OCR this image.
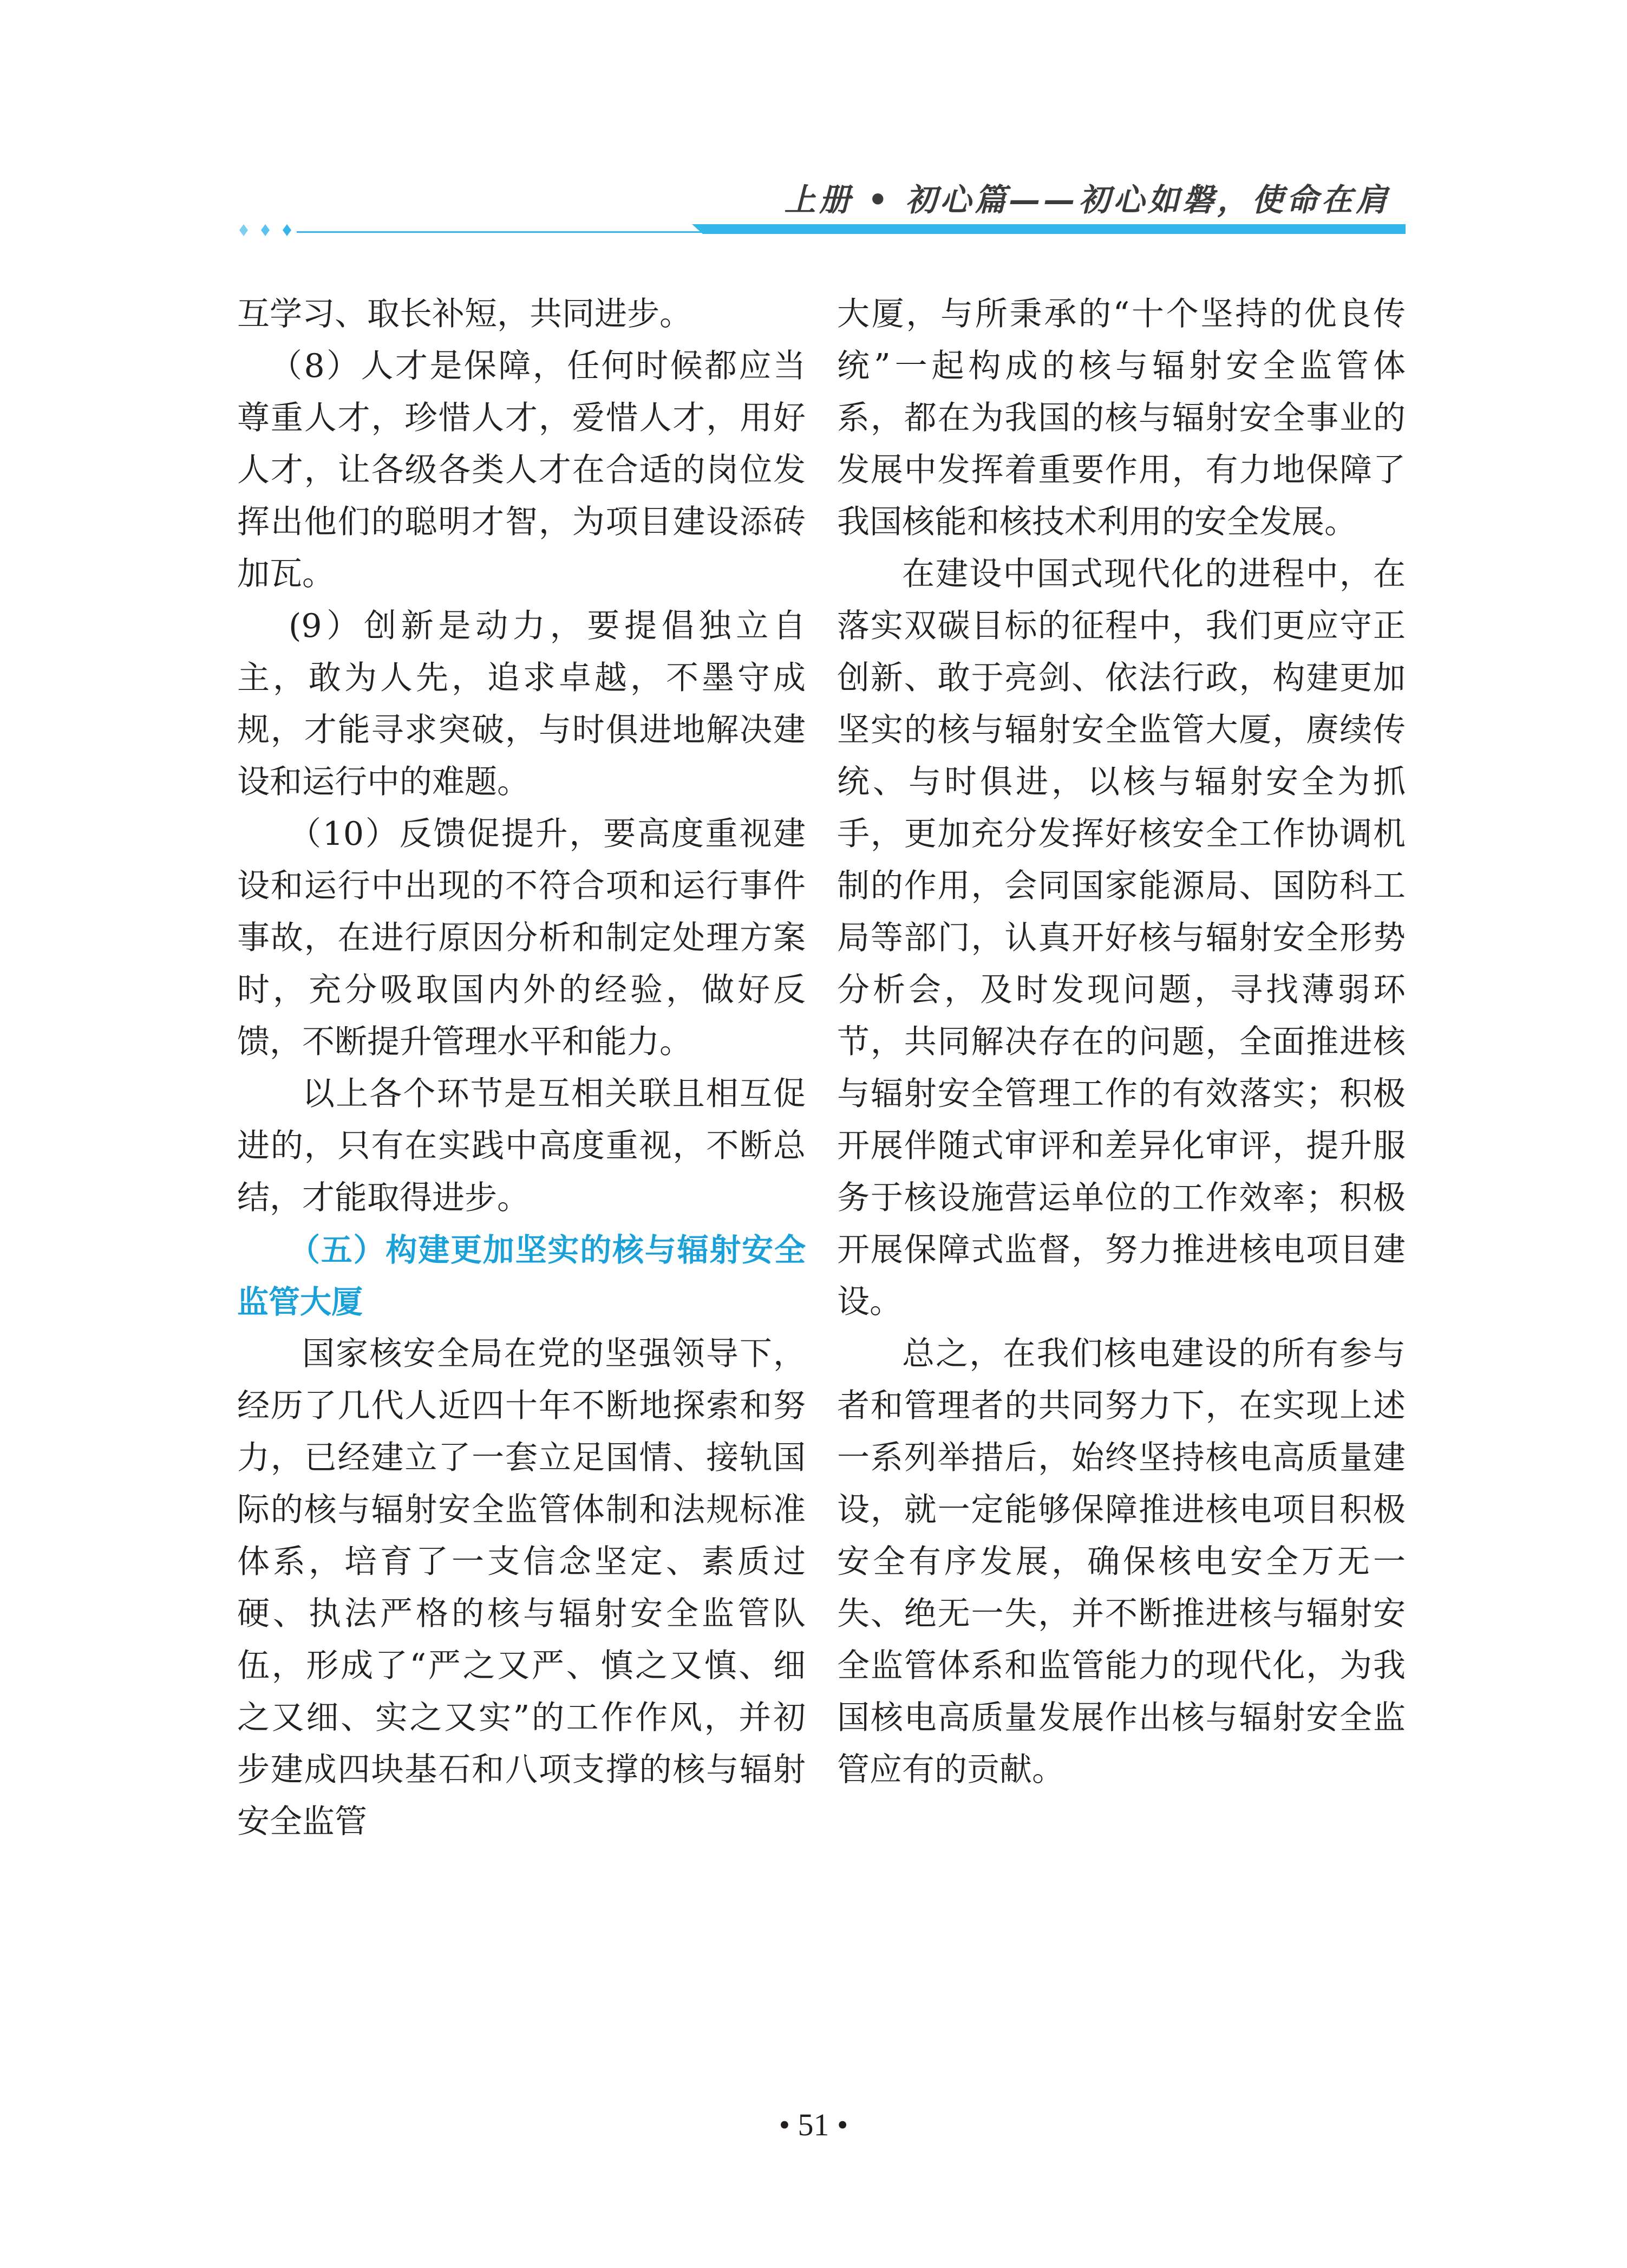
上册 • 初心篇——初心如磐，使命在肩

互学习、取长补短，共同进步。

（8）人才是保障，任何时候都应当尊重人才，珍惜人才，爱惜人才，用好人才，让各级各类人才在合适的岗位发挥出他们的聪明才智，为项目建设添砖加瓦。

(9）创新是动力，要提倡独立自主，敢为人先，追求卓越，不墨守成规，才能寻求突破，与时俱进地解决建设和运行中的难题。

（10）反馈促提升，要高度重视建设和运行中出现的不符合项和运行事件事故，在进行原因分析和制定处理方案时，充分吸取国内外的经验，做好反馈，不断提升管理水平和能力。

以上各个环节是互相关联且相互促进的，只有在实践中高度重视，不断总结，才能取得进步。

（五）构建更加坚实的核与辐射安全监管大厦

国家核安全局在党的坚强领导下，经历了几代人近四十年不断地探索和努力，已经建立了一套立足国情、接轨国际的核与辐射安全监管体制和法规标准体系，培育了一支信念坚定、素质过硬、执法严格的核与辐射安全监管队伍，形成了“严之又严、慎之又慎、细之又细、实之又实”的工作作风，并初步建成四块基石和八项支撑的核与辐射安全监管

大厦，与所秉承的“十个坚持的优良传统”一起构成的核与辐射安全监管体系，都在为我国的核与辐射安全事业的发展中发挥着重要作用，有力地保障了我国核能和核技术利用的安全发展。

在建设中国式现代化的进程中，在落实双碳目标的征程中，我们更应守正创新、敢于亮剑、依法行政，构建更加坚实的核与辐射安全监管大厦，赓续传统、与时俱进，以核与辐射安全为抓手，更加充分发挥好核安全工作协调机制的作用，会同国家能源局、国防科工局等部门，认真开好核与辐射安全形势分析会，及时发现问题，寻找薄弱环节，共同解决存在的问题，全面推进核与辐射安全管理工作的有效落实；积极开展伴随式审评和差异化审评，提升服务于核设施营运单位的工作效率；积极开展保障式监督，努力推进核电项目建设。

总之，在我们核电建设的所有参与者和管理者的共同努力下，在实现上述一系列举措后，始终坚持核电高质量建设，就一定能够保障推进核电项目积极安全有序发展，确保核电安全万无一失、绝无一失，并不断推进核与辐射安全监管体系和监管能力的现代化，为我国核电高质量发展作出核与辐射安全监管应有的贡献。

• 51 •
